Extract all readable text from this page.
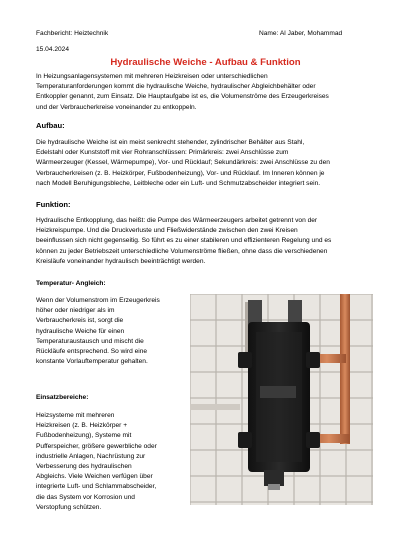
Fachbericht: Heiztechnik	Name: Al Jaber, Mohammad
15.04.2024
Hydraulische Weiche - Aufbau & Funktion
In Heizungsanlagensystemen mit mehreren Heizkreisen oder unterschiedlichen
Temperaturanforderungen kommt die hydraulische Weiche, hydraulischer Abgleichbehälter oder
Entkoppler genannt, zum Einsatz. Die Hauptaufgabe ist es, die Volumenströme des Erzeugerkreises
und der Verbraucherkreise voneinander zu entkoppeln.
Aufbau:
Die hydraulische Weiche ist ein meist senkrecht stehender, zylindrischer Behälter aus Stahl,
Edelstahl oder Kunststoff mit vier Rohranschlüssen: Primärkreis: zwei Anschlüsse zum
Wärmeerzeuger (Kessel, Wärmepumpe), Vor- und Rücklauf; Sekundärkreis: zwei Anschlüsse zu den
Verbraucherkreisen (z. B. Heizkörper, Fußbodenheizung), Vor- und Rücklauf. Im Inneren können je
nach Modell Beruhigungsbleche, Leitbleche oder ein Luft- und Schmutzabscheider integriert sein.
Funktion:
Hydraulische Entkopplung, das heißt: die Pumpe des Wärmeerzeugers arbeitet getrennt von der
Heizkreispumpe. Und die Druckverluste und Fließwiderstände zwischen den zwei Kreisen
beeinflussen sich nicht gegenseitig. So führt es zu einer stabileren und effizienteren Regelung und es
können zu jeder Betriebszeit unterschiedliche Volumenströme fließen, ohne dass die verschiedenen
Kreisläufe voneinander hydraulisch beeinträchtigt werden.
Temperatur- Angleich:
Wenn der Volumenstrom im Erzeugerkreis
höher oder niedriger als im
Verbraucherkreis ist, sorgt die
hydraulische Weiche für einen
Temperaturaustausch und mischt die
Rückläufe entsprechend. So wird eine
konstante Vorlauftemperatur gehalten.
Einsatzbereiche:
Heizsysteme mit mehreren
Heizkreisen (z. B. Heizkörper +
Fußbodenheizung), Systeme mit
Pufferspeicher, größere gewerbliche oder
industrielle Anlagen, Nachrüstung zur
Verbesserung des hydraulischen
Abgleichs. Viele Weichen verfügen über
integrierte Luft- und Schlammabscheider,
die das System vor Korrosion und
Verstopfung schützen.
